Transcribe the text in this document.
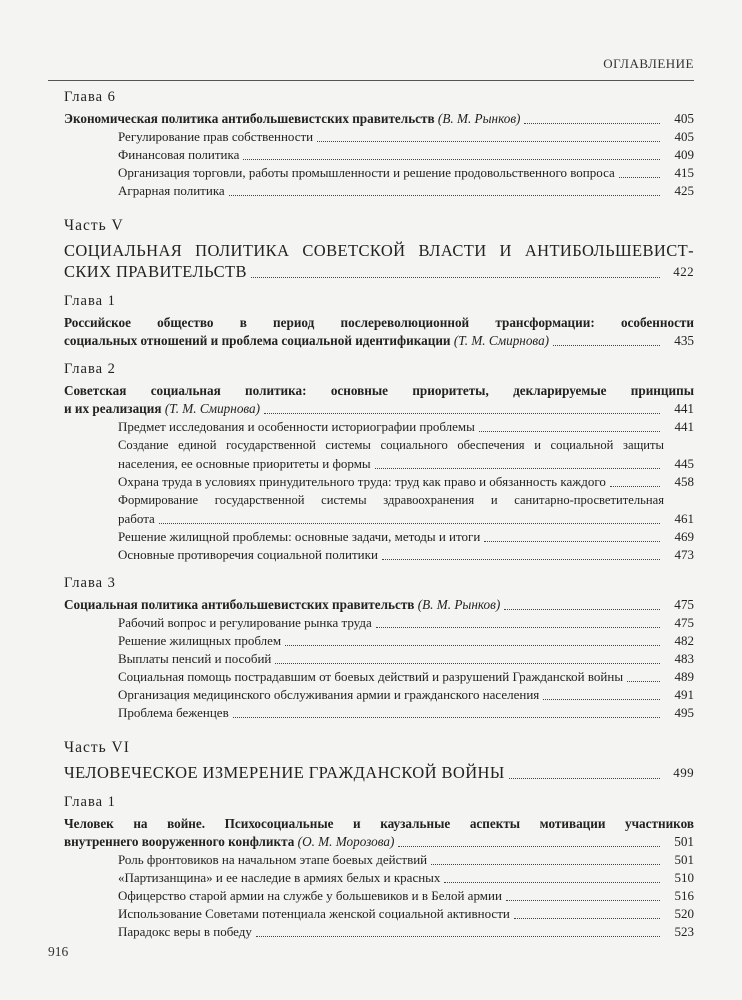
ОГЛАВЛЕНИЕ
Глава 6
Экономическая политика антибольшевистских правительств (В. М. Рынков)	405
Регулирование прав собственности	405
Финансовая политика	409
Организация торговли, работы промышленности и решение продовольственного вопроса	415
Аграрная политика	425
Часть V
СОЦИАЛЬНАЯ ПОЛИТИКА СОВЕТСКОЙ ВЛАСТИ И АНТИБОЛЬШЕВИСТ-
СКИХ ПРАВИТЕЛЬСТВ	422
Глава 1
Российское общество в период послереволюционной трансформации: особенности
социальных отношений и проблема социальной идентификации (Т. М. Смирнова)	435
Глава 2
Советская социальная политика: основные приоритеты, декларируемые принципы
и их реализация (Т. М. Смирнова)	441
Предмет исследования и особенности историографии проблемы	441
Создание единой государственной системы социального обеспечения и социальной защиты
населения, ее основные приоритеты и формы	445
Охрана труда в условиях принудительного труда: труд как право и обязанность каждого	458
Формирование государственной системы здравоохранения и санитарно-просветительная
работа	461
Решение жилищной проблемы: основные задачи, методы и итоги	469
Основные противоречия социальной политики	473
Глава 3
Социальная политика антибольшевистских правительств (В. М. Рынков)	475
Рабочий вопрос и регулирование рынка труда	475
Решение жилищных проблем	482
Выплаты пенсий и пособий	483
Социальная помощь пострадавшим от боевых действий и разрушений Гражданской войны	489
Организация медицинского обслуживания армии и гражданского населения	491
Проблема беженцев	495
Часть VI
ЧЕЛОВЕЧЕСКОЕ ИЗМЕРЕНИЕ ГРАЖДАНСКОЙ ВОЙНЫ	499
Глава 1
Человек на войне. Психосоциальные и каузальные аспекты мотивации участников
внутреннего вооруженного конфликта (О. М. Морозова)	501
Роль фронтовиков на начальном этапе боевых действий	501
«Партизанщина» и ее наследие в армиях белых и красных	510
Офицерство старой армии на службе у большевиков и в Белой армии	516
Использование Советами потенциала женской социальной активности	520
Парадокс веры в победу	523
916
